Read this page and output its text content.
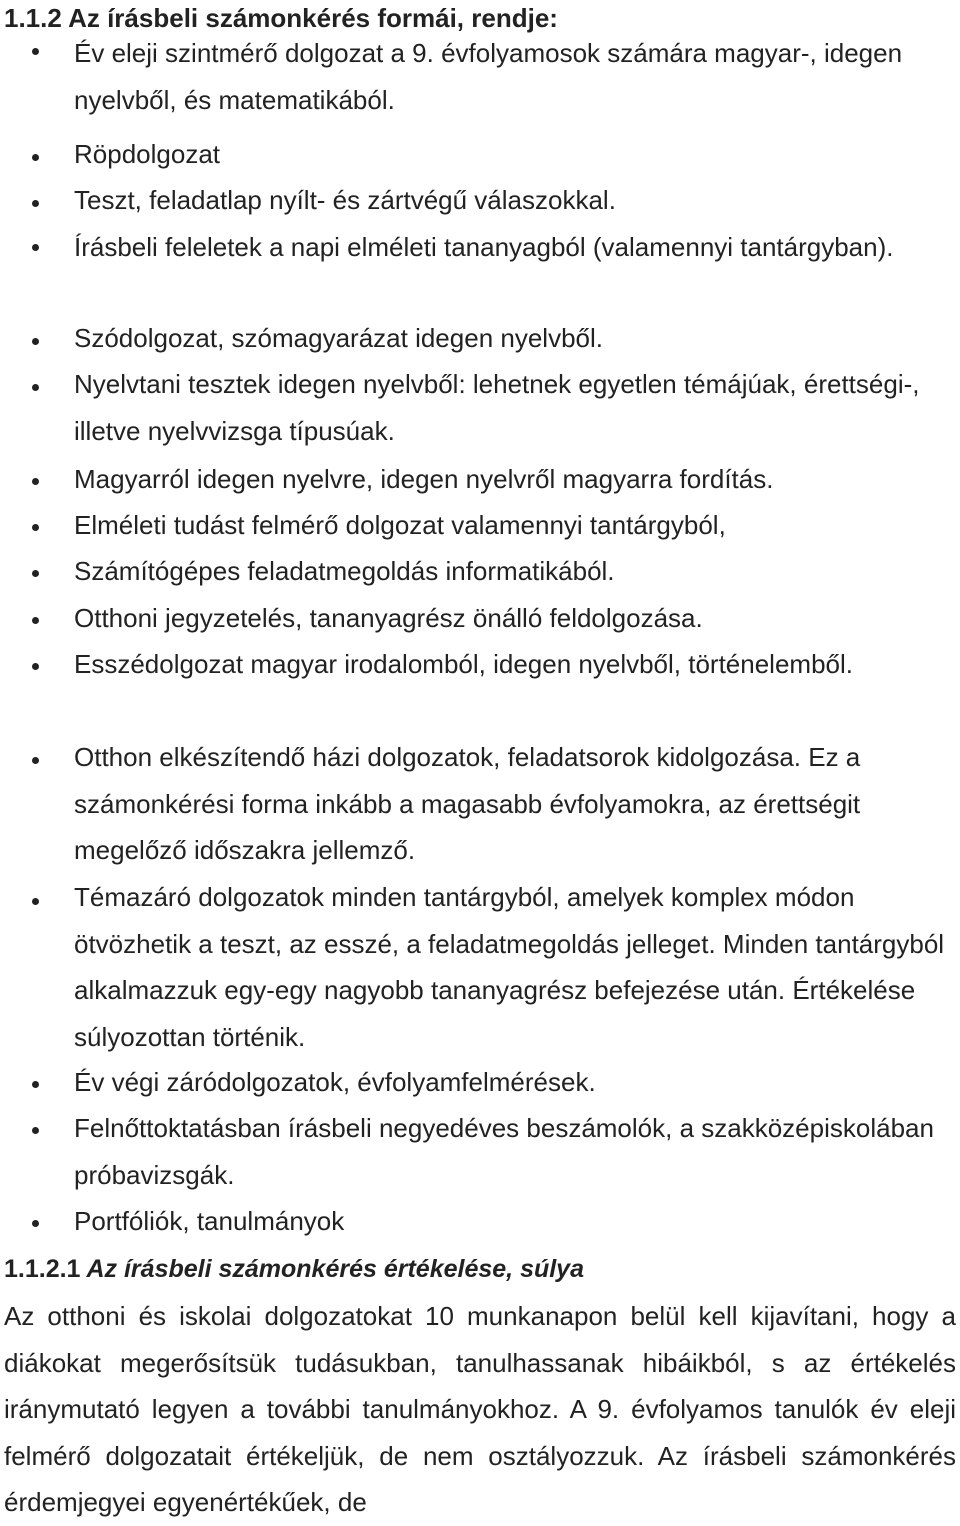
1.1.2 Az írásbeli számonkérés formái, rendje:
Év eleji szintmérő dolgozat a 9. évfolyamosok számára magyar-, idegen nyelvből, és matematikából.
Röpdolgozat
Teszt, feladatlap nyílt- és zártvégű válaszokkal.
Írásbeli feleletek a napi elméleti tananyagból (valamennyi tantárgyban).
Szódolgozat, szómagyarázat idegen nyelvből.
Nyelvtani tesztek idegen nyelvből: lehetnek egyetlen témájúak, érettségi-, illetve nyelvvizsga típusúak.
Magyarról idegen nyelvre, idegen nyelvről magyarra fordítás.
Elméleti tudást felmérő dolgozat valamennyi tantárgyból,
Számítógépes feladatmegoldás informatikából.
Otthoni jegyzetelés, tananyagrész önálló feldolgozása.
Esszédolgozat magyar irodalomból, idegen nyelvből, történelemből.
Otthon elkészítendő házi dolgozatok, feladatsorok kidolgozása. Ez a számonkérési forma inkább a magasabb évfolyamokra, az érettségit megelőző időszakra jellemző.
Témazáró dolgozatok minden tantárgyból, amelyek komplex módon ötvözhetik a teszt, az esszé, a feladatmegoldás jelleget. Minden tantárgyból alkalmazzuk egy-egy nagyobb tananyagrész befejezése után. Értékelése súlyozottan történik.
Év végi záródolgozatok, évfolyamfelmérések.
Felnőttoktatásban írásbeli negyedéves beszámolók, a szakközépiskolában próbavizsgák.
Portfóliók, tanulmányok
1.1.2.1 Az írásbeli számonkérés értékelése, súlya
Az otthoni és iskolai dolgozatokat 10 munkanapon belül kell kijavítani, hogy a diákokat megerősítsük tudásukban, tanulhassanak hibáikból, s az értékelés iránymutató legyen a további tanulmányokhoz. A 9. évfolyamos tanulók év eleji felmérő dolgozatait értékeljük, de nem osztályozzuk. Az írásbeli számonkérés érdemjegyei egyenértékűek, de
